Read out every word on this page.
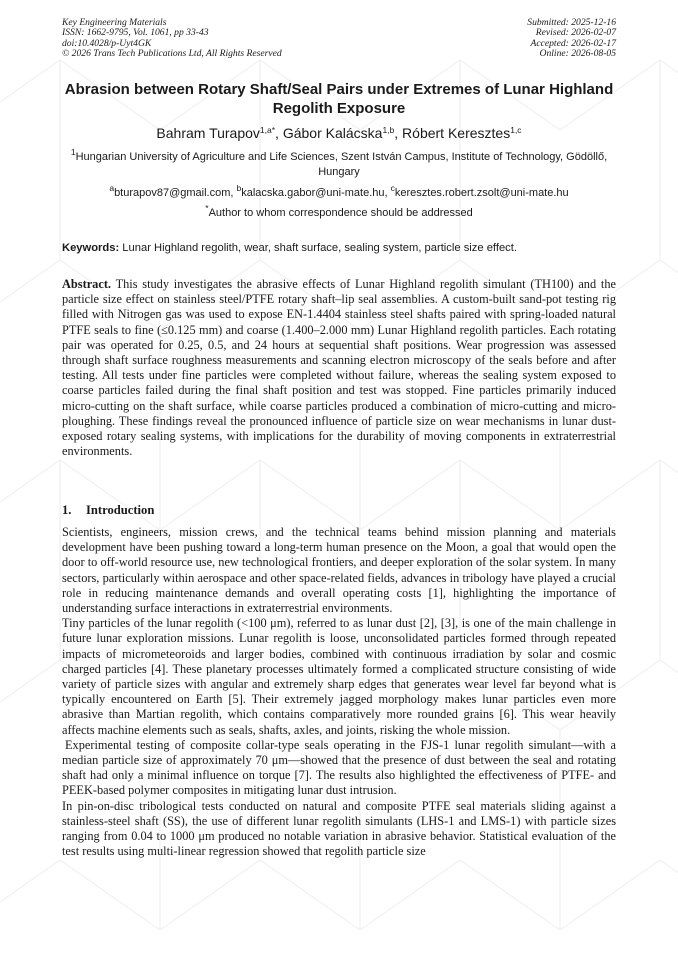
Key Engineering Materials
ISSN: 1662-9795, Vol. 1061, pp 33-43
doi:10.4028/p-Uyt4GK
© 2026 Trans Tech Publications Ltd, All Rights Reserved
Submitted: 2025-12-16
Revised: 2026-02-07
Accepted: 2026-02-17
Online: 2026-08-05
Abrasion between Rotary Shaft/Seal Pairs under Extremes of Lunar Highland Regolith Exposure
Bahram Turapov$^{1,a*}$, Gábor Kalácska$^{1,b}$, Róbert Keresztes$^{1,c}$
$^1$Hungarian University of Agriculture and Life Sciences, Szent István Campus, Institute of Technology, Gödöllő, Hungary
$^a$bturapov87@gmail.com, $^b$kalacska.gabor@uni-mate.hu, $^c$keresztes.robert.zsolt@uni-mate.hu
*Author to whom correspondence should be addressed
Keywords: Lunar Highland regolith, wear, shaft surface, sealing system, particle size effect.
Abstract. This study investigates the abrasive effects of Lunar Highland regolith simulant (TH100) and the particle size effect on stainless steel/PTFE rotary shaft–lip seal assemblies. A custom-built sand-pot testing rig filled with Nitrogen gas was used to expose EN-1.4404 stainless steel shafts paired with spring-loaded natural PTFE seals to fine (≤0.125 mm) and coarse (1.400–2.000 mm) Lunar Highland regolith particles. Each rotating pair was operated for 0.25, 0.5, and 24 hours at sequential shaft positions. Wear progression was assessed through shaft surface roughness measurements and scanning electron microscopy of the seals before and after testing. All tests under fine particles were completed without failure, whereas the sealing system exposed to coarse particles failed during the final shaft position and test was stopped. Fine particles primarily induced micro-cutting on the shaft surface, while coarse particles produced a combination of micro-cutting and micro-ploughing. These findings reveal the pronounced influence of particle size on wear mechanisms in lunar dust-exposed rotary sealing systems, with implications for the durability of moving components in extraterrestrial environments.
1. Introduction

Scientists, engineers, mission crews, and the technical teams behind mission planning and materials development have been pushing toward a long-term human presence on the Moon, a goal that would open the door to off-world resource use, new technological frontiers, and deeper exploration of the solar system. In many sectors, particularly within aerospace and other space-related fields, advances in tribology have played a crucial role in reducing maintenance demands and overall operating costs [1], highlighting the importance of understanding surface interactions in extraterrestrial environments.

Tiny particles of the lunar regolith (<100 μm), referred to as lunar dust [2], [3], is one of the main challenge in future lunar exploration missions. Lunar regolith is loose, unconsolidated particles formed through repeated impacts of micrometeoroids and larger bodies, combined with continuous irradiation by solar and cosmic charged particles [4]. These planetary processes ultimately formed a complicated structure consisting of wide variety of particle sizes with angular and extremely sharp edges that generates wear level far beyond what is typically encountered on Earth [5]. Their extremely jagged morphology makes lunar particles even more abrasive than Martian regolith, which contains comparatively more rounded grains [6]. This wear heavily affects machine elements such as seals, shafts, axles, and joints, risking the whole mission.

Experimental testing of composite collar-type seals operating in the FJS-1 lunar regolith simulant—with a median particle size of approximately 70 μm—showed that the presence of dust between the seal and rotating shaft had only a minimal influence on torque [7]. The results also highlighted the effectiveness of PTFE- and PEEK-based polymer composites in mitigating lunar dust intrusion.

In pin-on-disc tribological tests conducted on natural and composite PTFE seal materials sliding against a stainless-steel shaft (SS), the use of different lunar regolith simulants (LHS-1 and LMS-1) with particle sizes ranging from 0.04 to 1000 μm produced no notable variation in abrasive behavior. Statistical evaluation of the test results using multi-linear regression showed that regolith particle size
